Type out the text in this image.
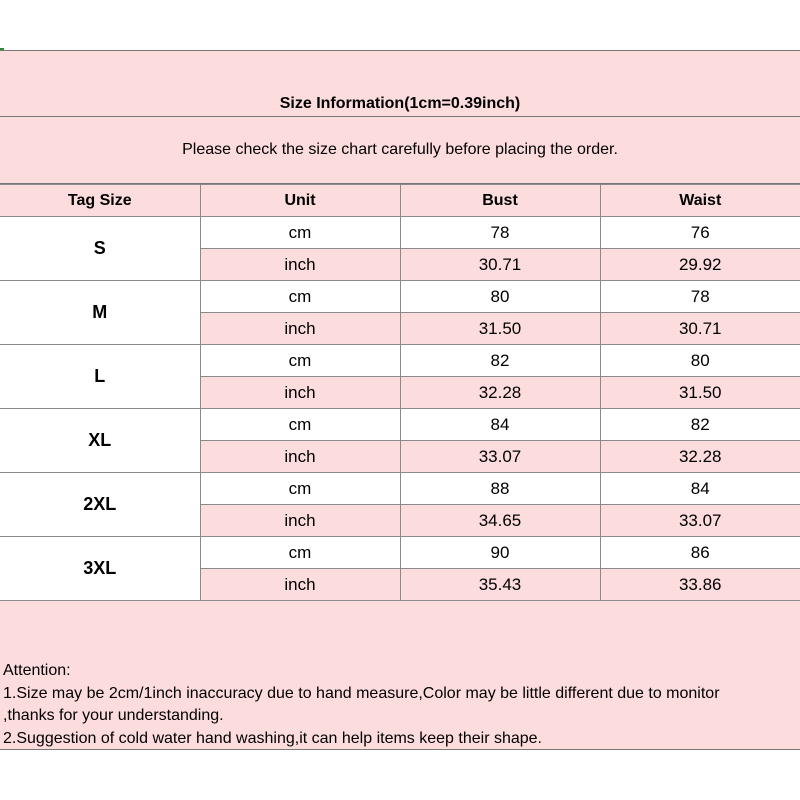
Size Information(1cm=0.39inch)
Please check the size chart carefully before placing the order.
Tag Size	Unit	Bust	Waist
S	cm	78	76
	inch	30.71	29.92
M	cm	80	78
	inch	31.50	30.71
L	cm	82	80
	inch	32.28	31.50
XL	cm	84	82
	inch	33.07	32.28
2XL	cm	88	84
	inch	34.65	33.07
3XL	cm	90	86
	inch	35.43	33.86
Attention:
1.Size may be 2cm/1inch inaccuracy due to hand measure,Color may be little different due to monitor
,thanks for your understanding.
2.Suggestion of cold water hand washing,it can help items keep their shape.
